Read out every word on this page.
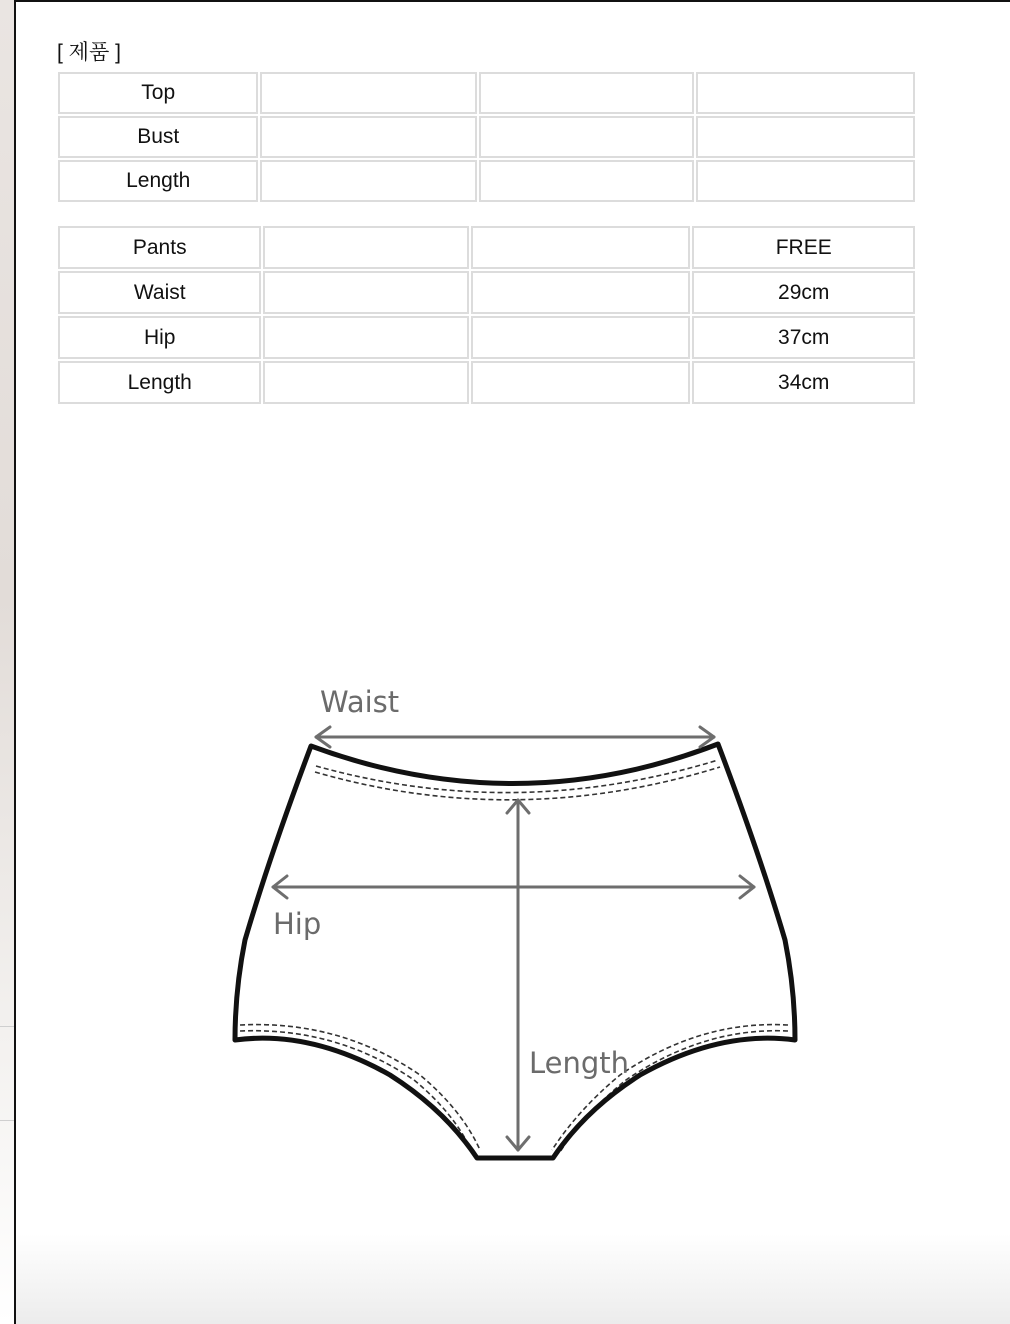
[ 제품 ]
Top			
Bust			
Length			
Pants			FREE
Waist			29cm
Hip			37cm
Length			34cm
Waist
Hip
Length
